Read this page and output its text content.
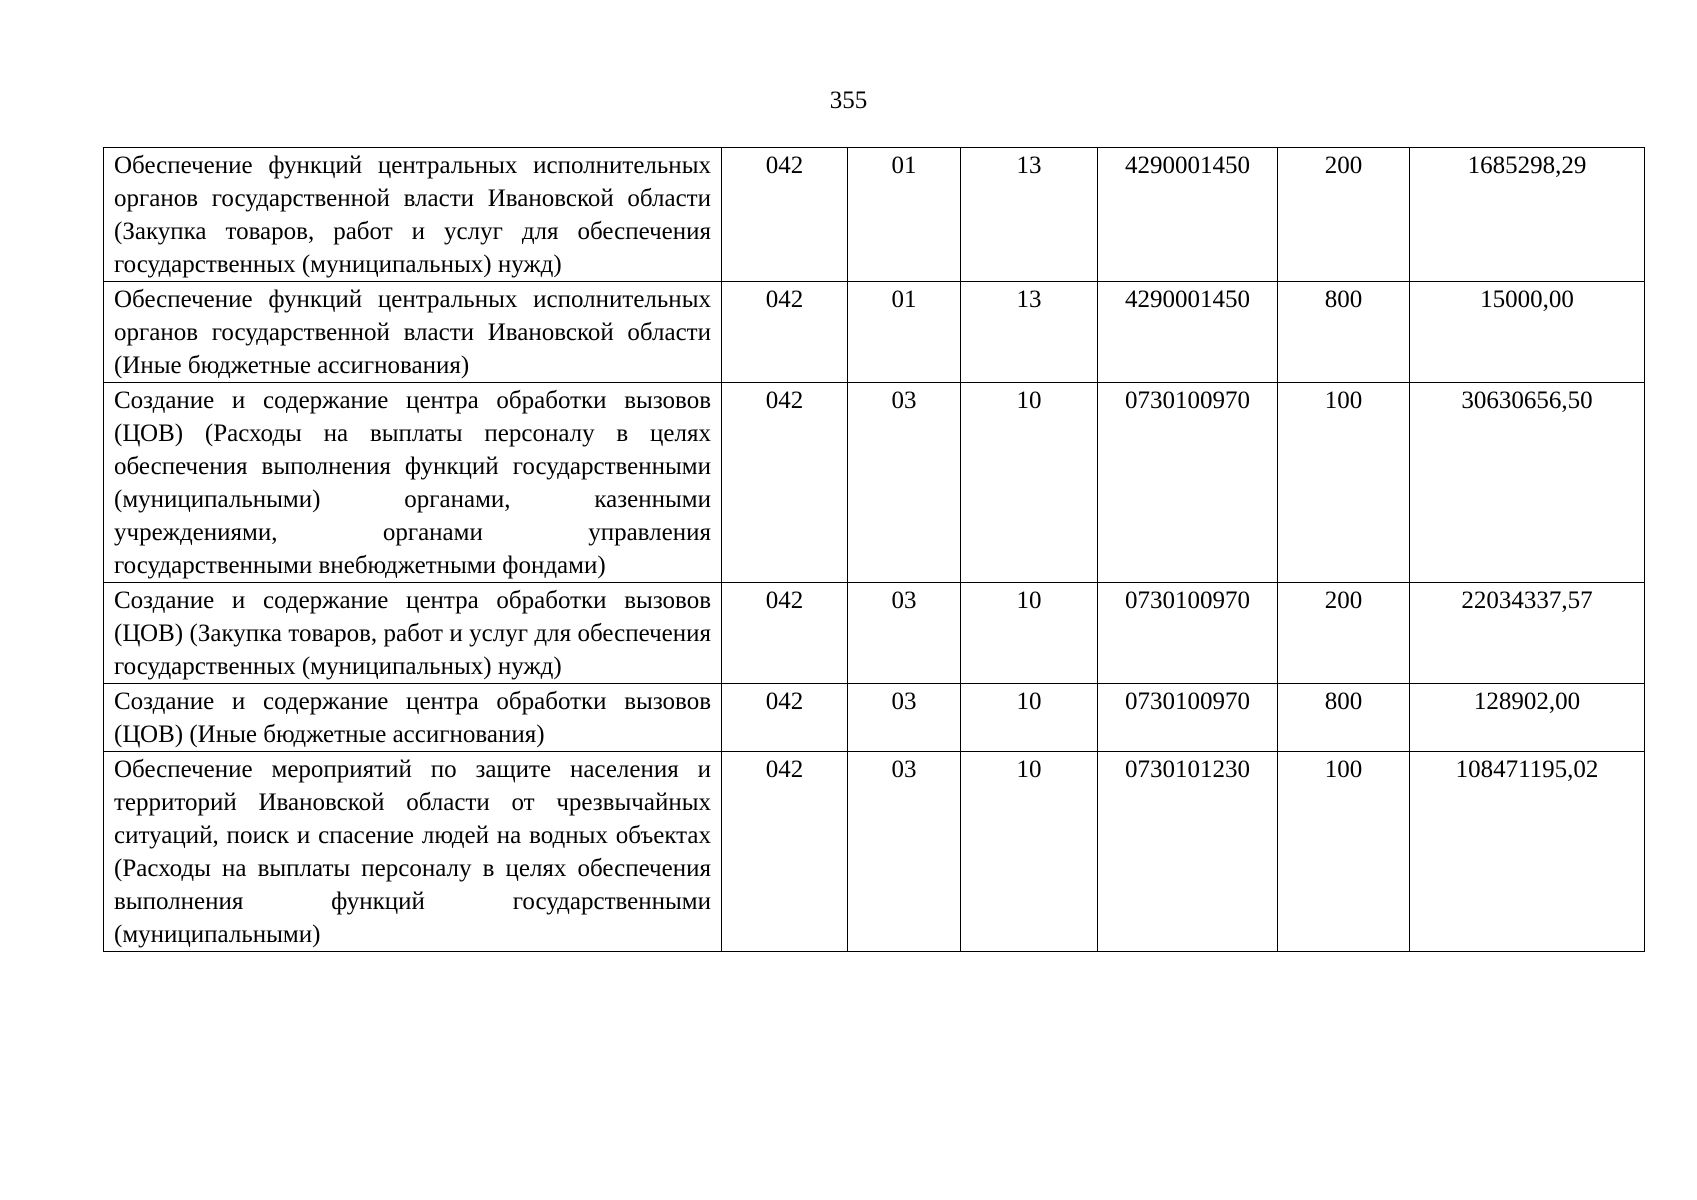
355
Обеспечение функций центральных исполнительных органов государственной власти Ивановской области (Закупка товаров, работ и услуг для обеспечения государственных (муниципальных) нужд)	042	01	13	4290001450	200	1685298,29
Обеспечение функций центральных исполнительных органов государственной власти Ивановской области (Иные бюджетные ассигнования)	042	01	13	4290001450	800	15000,00
Создание и содержание центра обработки вызовов (ЦОВ) (Расходы на выплаты персоналу в целях обеспечения выполнения функций государственными (муниципальными) органами, казенными учреждениями, органами управления государственными внебюджетными фондами)	042	03	10	0730100970	100	30630656,50
Создание и содержание центра обработки вызовов (ЦОВ) (Закупка товаров, работ и услуг для обеспечения государственных (муниципальных) нужд)	042	03	10	0730100970	200	22034337,57
Создание и содержание центра обработки вызовов (ЦОВ) (Иные бюджетные ассигнования)	042	03	10	0730100970	800	128902,00
Обеспечение мероприятий по защите населения и территорий Ивановской области от чрезвычайных ситуаций, поиск и спасение людей на водных объектах (Расходы на выплаты персоналу в целях обеспечения выполнения функций государственными (муниципальными)	042	03	10	0730101230	100	108471195,02
